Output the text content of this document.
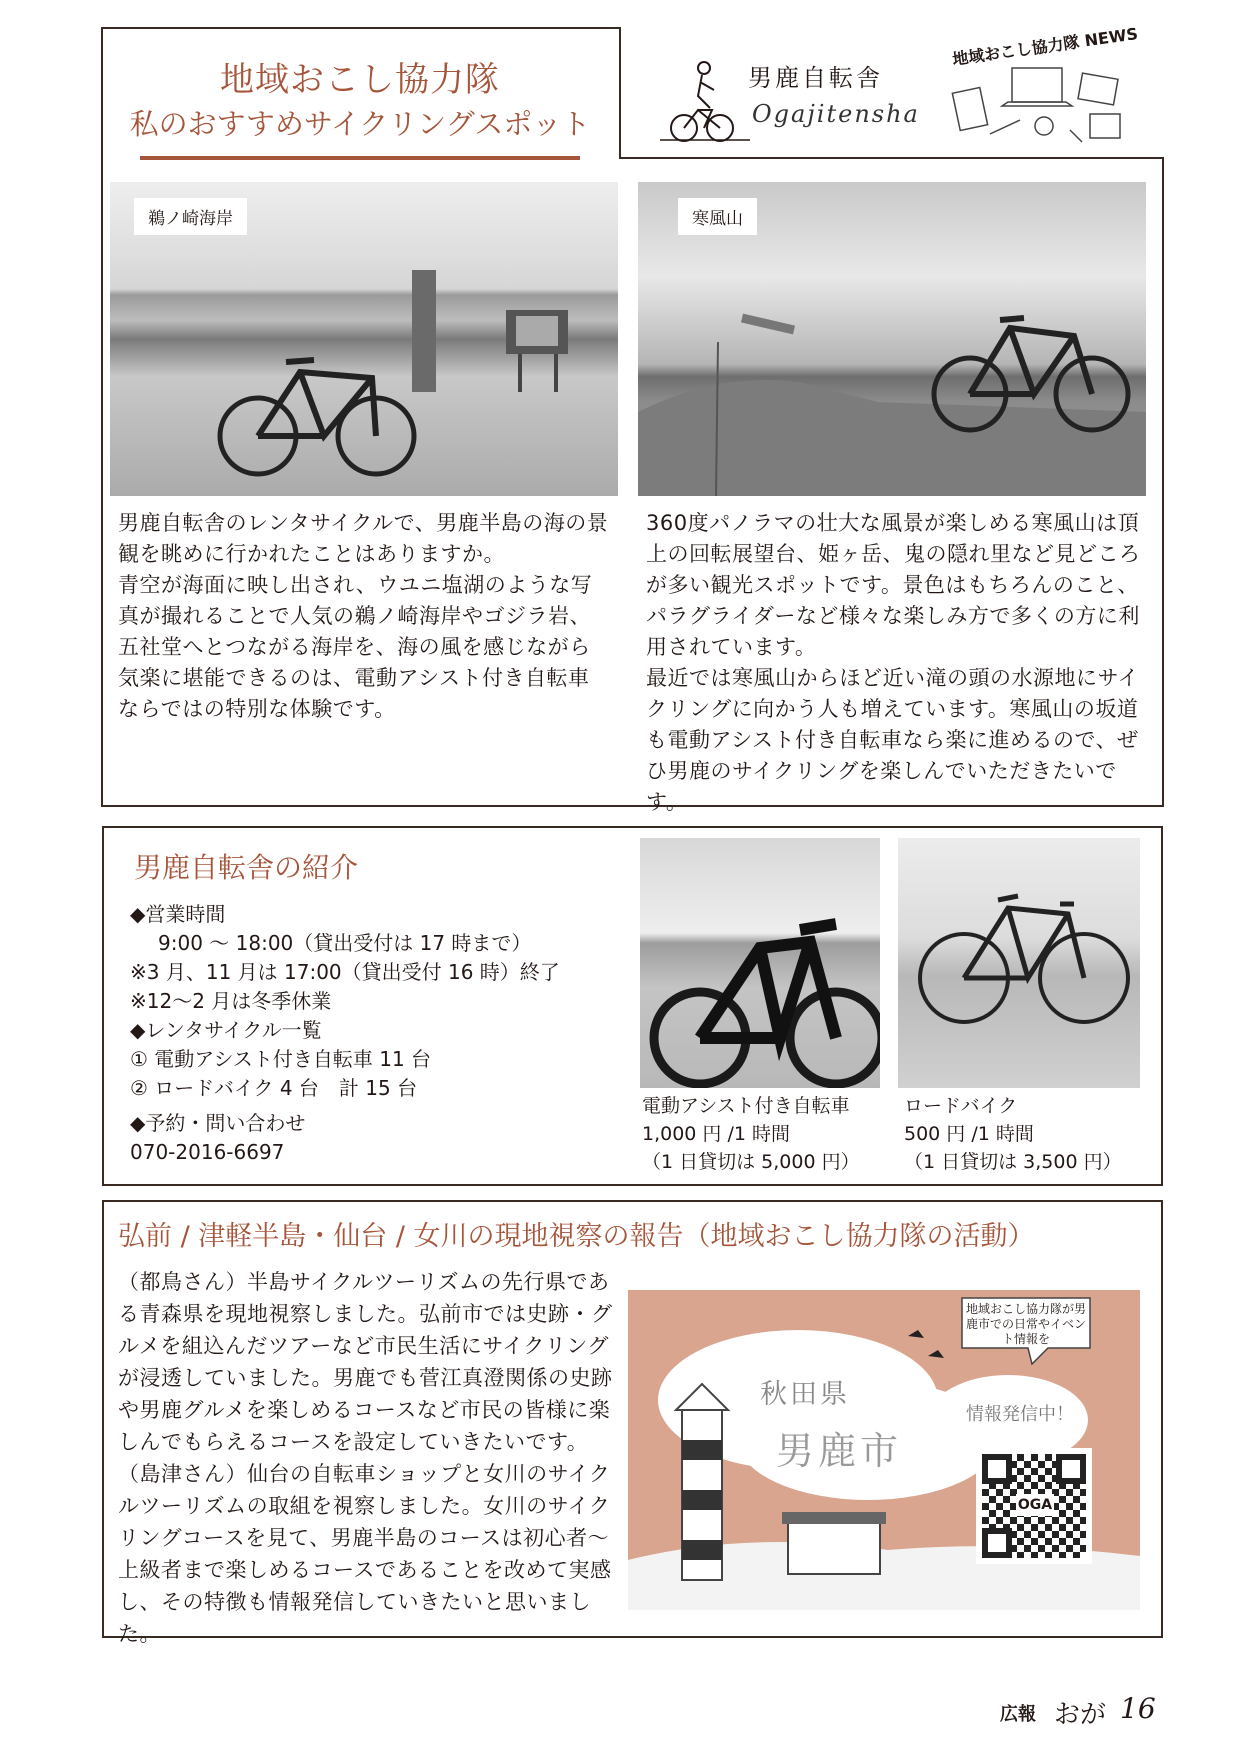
地域おこし協力隊
私のおすすめサイクリングスポット
男鹿自転舎
Ogajitensha
地域おこし協力隊 NEWS
鵜ノ崎海岸	寒風山

男鹿自転舎のレンタサイクルで、男鹿半島の海の景観を眺めに行かれたことはありますか。

青空が海面に映し出され、ウユニ塩湖のような写真が撮れることで人気の鵜ノ崎海岸やゴジラ岩、五社堂へとつながる海岸を、海の風を感じながら気楽に堪能できるのは、電動アシスト付き自転車ならではの特別な体験です。

360度パノラマの壮大な風景が楽しめる寒風山は頂上の回転展望台、姫ヶ岳、鬼の隠れ里など見どころが多い観光スポットです。景色はもちろんのこと、パラグライダーなど様々な楽しみ方で多くの方に利用されています。

最近では寒風山からほど近い滝の頭の水源地にサイクリングに向かう人も増えています。寒風山の坂道も電動アシスト付き自転車なら楽に進めるので、ぜひ男鹿のサイクリングを楽しんでいただきたいです。

男鹿自転舎の紹介
◆営業時間
9:00 〜 18:00（貸出受付は 17 時まで）
※3 月、11 月は 17:00（貸出受付 16 時）終了
※12〜2 月は冬季休業
◆レンタサイクル一覧
① 電動アシスト付き自転車 11 台
② ロードバイク 4 台　計 15 台
◆予約・問い合わせ
070-2016-6697
電動アシスト付き自転車
1,000 円 /1 時間
（1 日貸切は 5,000 円）
ロードバイク
500 円 /1 時間
（1 日貸切は 3,500 円）
弘前 / 津軽半島・仙台 / 女川の現地視察の報告（地域おこし協力隊の活動）

（都鳥さん）半島サイクルツーリズムの先行県である青森県を現地視察しました。弘前市では史跡・グルメを組込んだツアーなど市民生活にサイクリングが浸透していました。男鹿でも菅江真澄関係の史跡や男鹿グルメを楽しめるコースなど市民の皆様に楽しんでもらえるコースを設定していきたいです。

（島津さん）仙台の自転車ショップと女川のサイクルツーリズムの取組を視察しました。女川のサイクリングコースを見て、男鹿半島のコースは初心者〜上級者まで楽しめるコースであることを改めて実感し、その特徴も情報発信していきたいと思いました。

地域おこし協力隊が男鹿市での日常やイベント情報を
秋田県
男鹿市
情報発信中！
OGA
広報 おが 16
